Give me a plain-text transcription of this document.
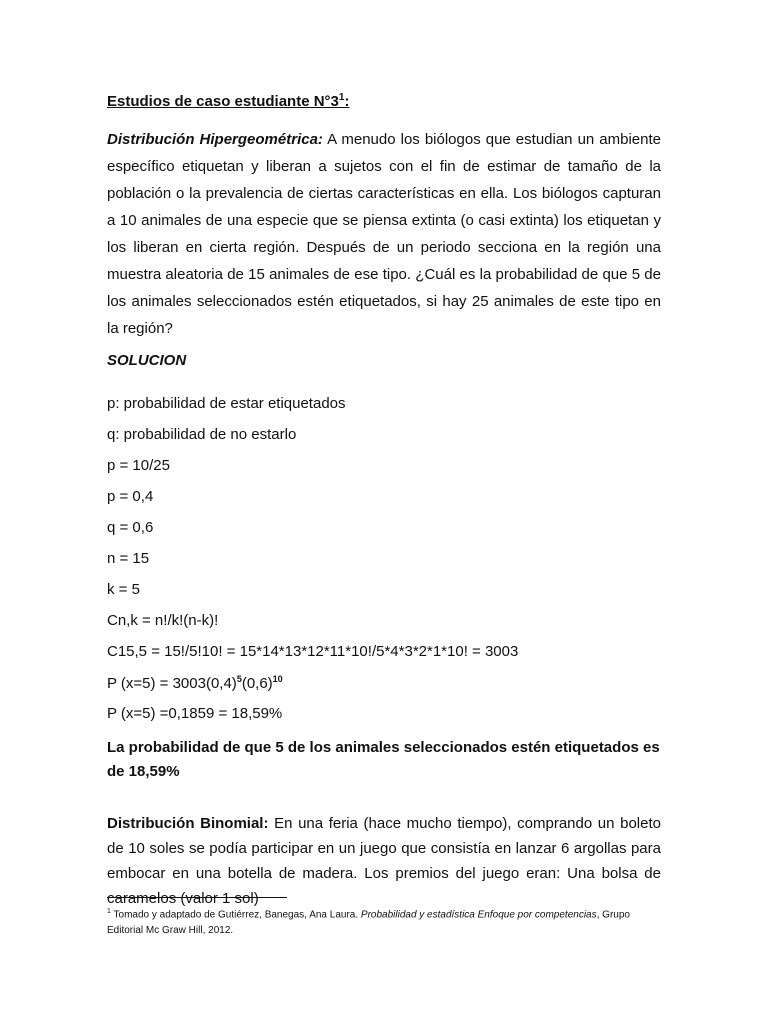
Estudios de caso estudiante $N^\circ 3^1$:
Distribución Hipergeométrica: A menudo los biólogos que estudian un ambiente específico etiquetan y liberan a sujetos con el fin de estimar de tamaño de la población o la prevalencia de ciertas características en ella. Los biólogos capturan a 10 animales de una especie que se piensa extinta (o casi extinta) los etiquetan y los liberan en cierta región. Después de un periodo secciona en la región una muestra aleatoria de 15 animales de ese tipo. ¿Cuál es la probabilidad de que 5 de los animales seleccionados estén etiquetados, si hay 25 animales de este tipo en la región?
SOLUCION
p: probabilidad de estar etiquetados
q: probabilidad de no estarlo
p = 10/25
p = 0,4
q = 0,6
n = 15
k = 5
Cn,k = n!/k!(n-k)!
C15,5 = 15!/5!10! = 15*14*13*12*11*10!/5*4*3*2*1*10! = 3003
P $(x=5) = 3003(0,4)^5(0,6)^{10}$
P (x=5) =0,1859 = 18,59%
La probabilidad de que 5 de los animales seleccionados estén etiquetados es de 18,59%
Distribución Binomial: En una feria (hace mucho tiempo), comprando un boleto de 10 soles se podía participar en un juego que consistía en lanzar 6 argollas para embocar en una botella de madera. Los premios del juego eran: Una bolsa de caramelos (valor 1 sol)
$^1$ Tomado y adaptado de Gutiérrez, Banegas, Ana Laura. Probabilidad y estadística Enfoque por competencias, Grupo Editorial Mc Graw Hill, 2012.
